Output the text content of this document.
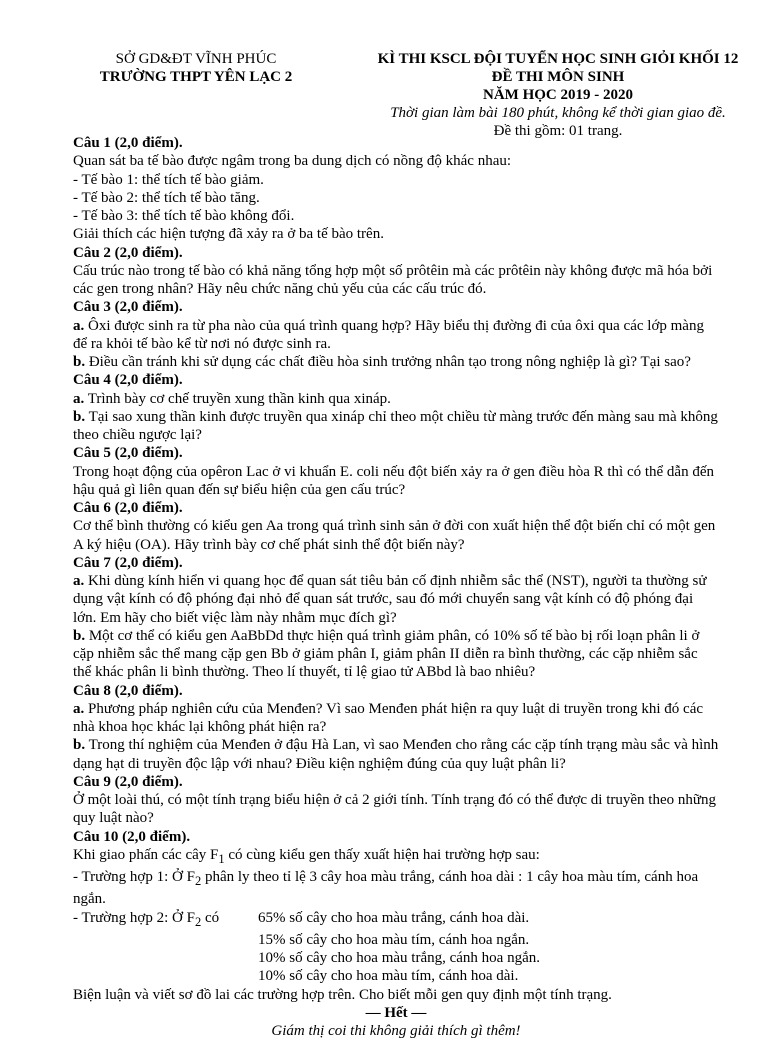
SỞ GD&ĐT VĨNH PHÚC
TRƯỜNG THPT YÊN LẠC 2
KÌ THI KSCL ĐỘI TUYỂN HỌC SINH GIỎI KHỐI 12
ĐỀ THI MÔN SINH
NĂM HỌC 2019 - 2020
Thời gian làm bài 180 phút, không kể thời gian giao đề.
Đề thi gồm: 01 trang.

Câu 1 (2,0 điểm).

Quan sát ba tế bào được ngâm trong ba dung dịch có nồng độ khác nhau:

- Tế bào 1: thể tích tế bào giảm.

- Tế bào 2: thể tích tế bào tăng.

- Tế bào 3: thể tích tế bào không đổi.

Giải thích các hiện tượng đã xảy ra ở ba tế bào trên.

Câu 2 (2,0 điểm).

Cấu trúc nào trong tế bào có khả năng tổng hợp một số prôtêin mà các prôtêin này không được mã hóa bởi các gen trong nhân? Hãy nêu chức năng chủ yếu của các cấu trúc đó.

Câu 3 (2,0 điểm).

a. Ôxi được sinh ra từ pha nào của quá trình quang hợp? Hãy biểu thị đường đi của ôxi qua các lớp màng để ra khỏi tế bào kể từ nơi nó được sinh ra.

b. Điều cần tránh khi sử dụng các chất điều hòa sinh trưởng nhân tạo trong nông nghiệp là gì? Tại sao?

Câu 4 (2,0 điểm).

a. Trình bày cơ chế truyền xung thần kinh qua xináp.

b. Tại sao xung thần kinh được truyền qua xináp chỉ theo một chiều từ màng trước đến màng sau mà không theo chiều ngược lại?

Câu 5 (2,0 điểm).

Trong hoạt động của opêron Lac ở vi khuẩn E. coli nếu đột biến xảy ra ở gen điều hòa R thì có thể dẫn đến hậu quả gì liên quan đến sự biểu hiện của gen cấu trúc?

Câu 6 (2,0 điểm).

Cơ thể bình thường có kiểu gen Aa trong quá trình sinh sản ở đời con xuất hiện thể đột biến chỉ có một gen A ký hiệu (OA). Hãy trình bày cơ chế phát sinh thể đột biến này?

Câu 7 (2,0 điểm).

a. Khi dùng kính hiển vi quang học để quan sát tiêu bản cố định nhiễm sắc thể (NST), người ta thường sử dụng vật kính có độ phóng đại nhỏ để quan sát trước, sau đó mới chuyển sang vật kính có độ phóng đại lớn. Em hãy cho biết việc làm này nhằm mục đích gì?

b. Một cơ thể có kiểu gen AaBbDd thực hiện quá trình giảm phân, có 10% số tế bào bị rối loạn phân li ở cặp nhiễm sắc thể mang cặp gen Bb ở giảm phân I, giảm phân II diễn ra bình thường, các cặp nhiễm sắc thể khác phân li bình thường. Theo lí thuyết, tỉ lệ giao tử ABbd là bao nhiêu?

Câu 8 (2,0 điểm).

a. Phương pháp nghiên cứu của Menđen? Vì sao Menđen phát hiện ra quy luật di truyền trong khi đó các nhà khoa học khác lại không phát hiện ra?

b. Trong thí nghiệm của Menđen ở đậu Hà Lan, vì sao Menđen cho rằng các cặp tính trạng màu sắc và hình dạng hạt di truyền độc lập với nhau? Điều kiện nghiệm đúng của quy luật phân li?

Câu 9 (2,0 điểm).

Ở một loài thú, có một tính trạng biểu hiện ở cả 2 giới tính. Tính trạng đó có thể được di truyền theo những quy luật nào?

Câu 10 (2,0 điểm).

Khi giao phấn các cây $F_1$ có cùng kiểu gen thấy xuất hiện hai trường hợp sau:

- Trường hợp 1: Ở $F_2$ phân ly theo tỉ lệ 3 cây hoa màu trắng, cánh hoa dài : 1 cây hoa màu tím, cánh hoa ngắn.

- Trường hợp 2: Ở $F_2$ có	65% số cây cho hoa màu trắng, cánh hoa dài.

15% số cây cho hoa màu tím, cánh hoa ngắn.

10% số cây cho hoa màu trắng, cánh hoa ngắn.

10% số cây cho hoa màu tím, cánh hoa dài.

Biện luận và viết sơ đồ lai các trường hợp trên. Cho biết mỗi gen quy định một tính trạng.

— Hết —

Giám thị coi thi không giải thích gì thêm!
